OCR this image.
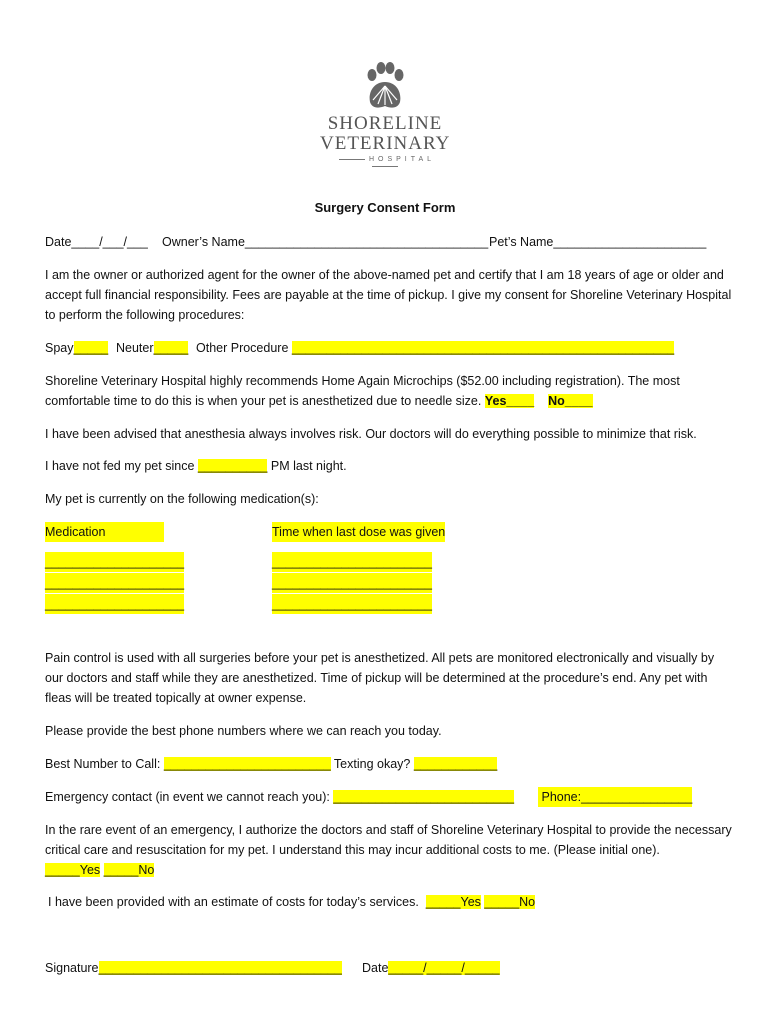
SHORELINE
VETERINARY
HOSPITAL
Surgery Consent Form
Date____/___/___ Owner’s Name___________________________________ Pet’s Name______________________
I am the owner or authorized agent for the owner of the above-named pet and certify that I am 18 years of age or older and accept full financial responsibility. Fees are payable at the time of pickup. I give my consent for Shoreline Veterinary Hospital to perform the following procedures:
Spay_____ Neuter_____ Other Procedure _______________________________________________________
Shoreline Veterinary Hospital highly recommends Home Again Microchips ($52.00 including registration). The most comfortable time to do this is when your pet is anesthetized due to needle size. Yes____ No____
I have been advised that anesthesia always involves risk. Our doctors will do everything possible to minimize that risk.
I have not fed my pet since __________ PM last night.
My pet is currently on the following medication(s):
Medication	Time when last dose was given
____________________
____________________
____________________
_______________________
_______________________
_______________________
Pain control is used with all surgeries before your pet is anesthetized. All pets are monitored electronically and visually by our doctors and staff while they are anesthetized. Time of pickup will be determined at the procedure’s end. Any pet with fleas will be treated topically at owner expense.
Please provide the best phone numbers where we can reach you today.
Best Number to Call: ________________________ Texting okay? ____________
Emergency contact (in event we cannot reach you): __________________________ Phone:________________
In the rare event of an emergency, I authorize the doctors and staff of Shoreline Veterinary Hospital to provide the necessary critical care and resuscitation for my pet. I understand this may incur additional costs to me. (Please initial one). _____Yes _____No
I have been provided with an estimate of costs for today’s services. _____Yes _____No
Signature___________________________________ Date_____/_____/_____
